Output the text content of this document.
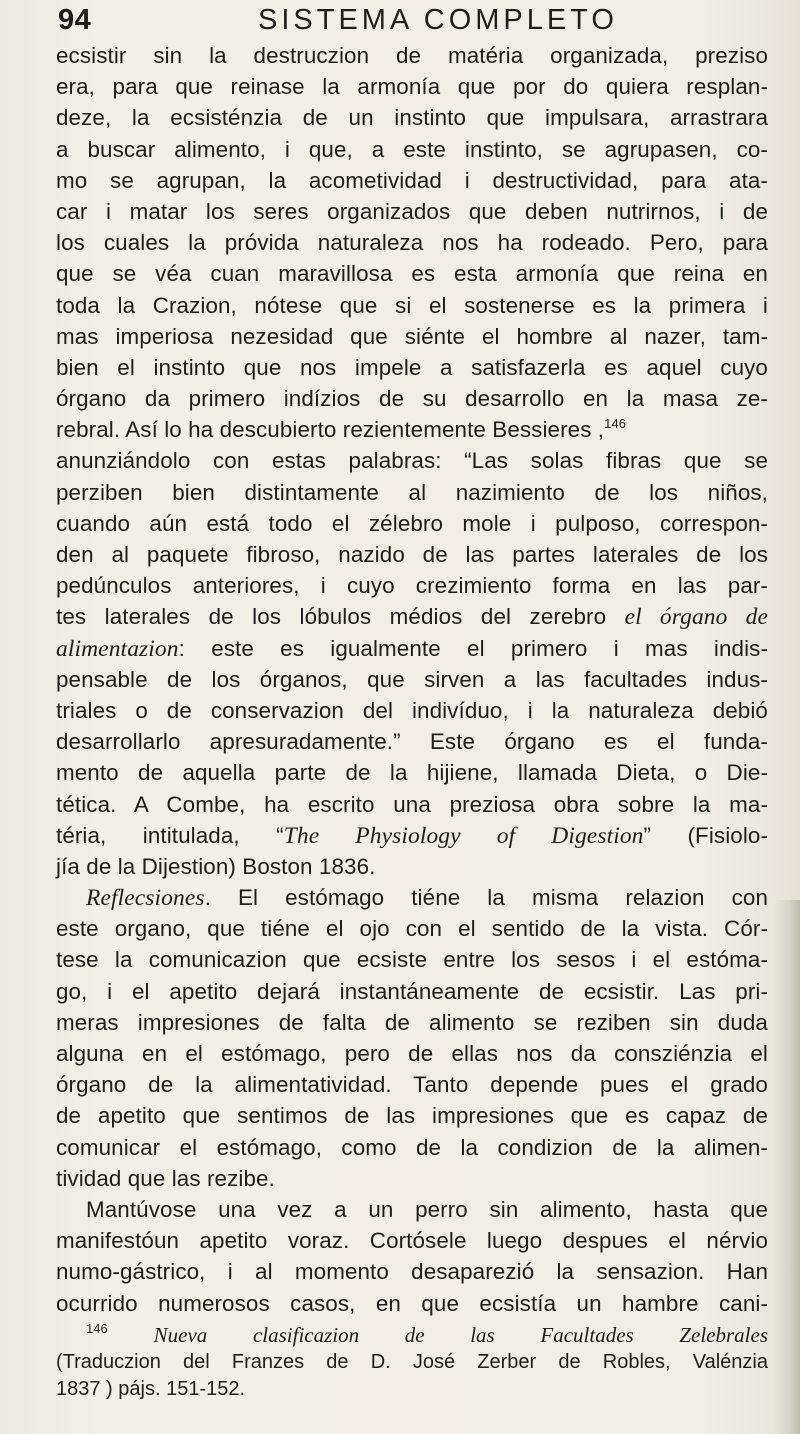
94	SISTEMA COMPLETO
ecsistir sin la destruczion de matéria organizada, preziso
era, para que reinase la armonía que por do quiera resplan-
deze, la ecsisténzia de un instinto que impulsara, arrastrara
a buscar alimento, i que, a este instinto, se agrupasen, co-
mo se agrupan, la acometividad i destructividad, para ata-
car i matar los seres organizados que deben nutrirnos, i de
los cuales la próvida naturaleza nos ha rodeado. Pero, para
que se véa cuan maravillosa es esta armonía que reina en
toda la Crazion, nótese que si el sostenerse es la primera i
mas imperiosa nezesidad que siénte el hombre al nazer, tam-
bien el instinto que nos impele a satisfazerla es aquel cuyo
órgano da primero indízios de su desarrollo en la masa ze-
rebral. Así lo ha descubierto rezientemente Bessieres ,$^{146}$
anunziándolo con estas palabras: “Las solas fibras que se
perziben bien distintamente al nazimiento de los niños,
cuando aún está todo el zélebro mole i pulposo, correspon-
den al paquete fibroso, nazido de las partes laterales de los
pedúnculos anteriores, i cuyo crezimiento forma en las par-
tes laterales de los lóbulos médios del zerebro el órgano de
alimentazion: este es igualmente el primero i mas indis-
pensable de los órganos, que sirven a las facultades indus-
triales o de conservazion del indivíduo, i la naturaleza debió
desarrollarlo apresuradamente.” Este órgano es el funda-
mento de aquella parte de la hijiene, llamada Dieta, o Die-
tética. A Combe, ha escrito una preziosa obra sobre la ma-
téria, intitulada, “The Physiology of Digestion” (Fisiolo-
jía de la Dijestion) Boston 1836.
Reflecsiones. El estómago tiéne la misma relazion con
este organo, que tiéne el ojo con el sentido de la vista. Cór-
tese la comunicazion que ecsiste entre los sesos i el estóma-
go, i el apetito dejará instantáneamente de ecsistir. Las pri-
meras impresiones de falta de alimento se reziben sin duda
alguna en el estómago, pero de ellas nos da consziénzia el
órgano de la alimentatividad. Tanto depende pues el grado
de apetito que sentimos de las impresiones que es capaz de
comunicar el estómago, como de la condizion de la alimen-
tividad que las rezibe.
Mantúvose una vez a un perro sin alimento, hasta que
manifestóun apetito voraz. Cortósele luego despues el nérvio
numo-gástrico, i al momento desaparezió la sensazion. Han
ocurrido numerosos casos, en que ecsistía un hambre cani-
$^{146}$ Nueva clasificazion de las Facultades Zelebrales
(Traduczion del Franzes de D. José Zerber de Robles, Valénzia
1837 ) pájs. 151-152.
